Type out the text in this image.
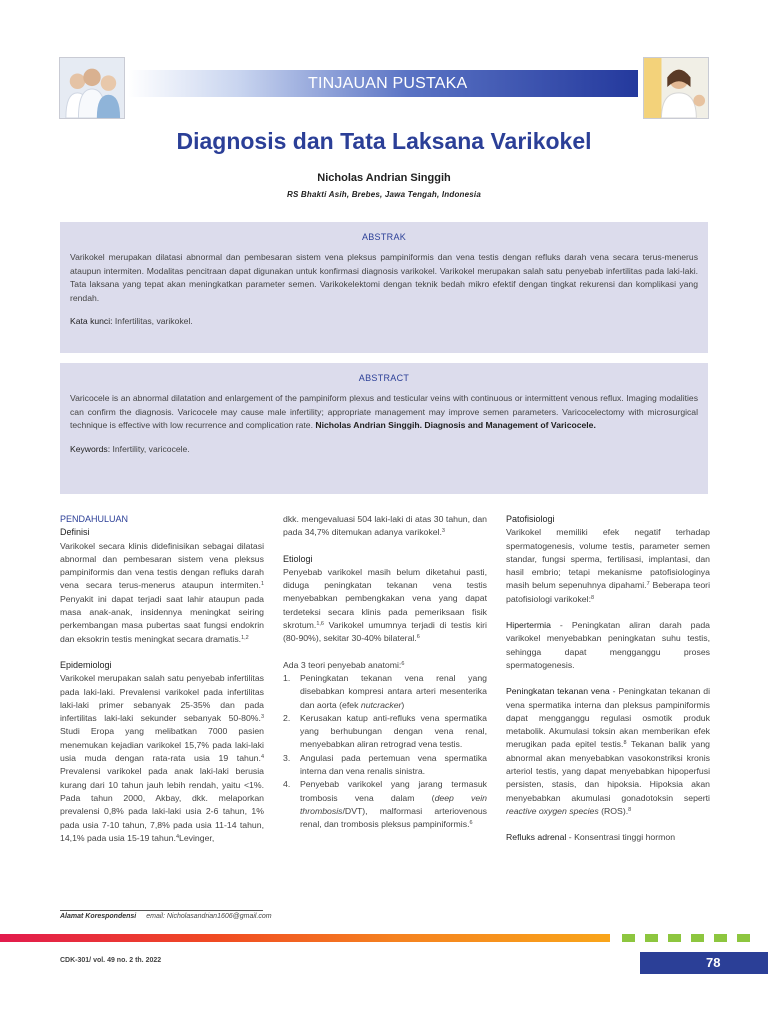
TINJAUAN PUSTAKA
Diagnosis dan Tata Laksana Varikokel
Nicholas Andrian Singgih
RS Bhakti Asih, Brebes, Jawa Tengah, Indonesia
ABSTRAK
Varikokel merupakan dilatasi abnormal dan pembesaran sistem vena pleksus pampiniformis dan vena testis dengan refluks darah vena secara terus-menerus ataupun intermiten. Modalitas pencitraan dapat digunakan untuk konfirmasi diagnosis varikokel. Varikokel merupakan salah satu penyebab infertilitas pada laki-laki. Tata laksana yang tepat akan meningkatkan parameter semen. Varikokelektomi dengan teknik bedah mikro efektif dengan tingkat rekurensi dan komplikasi yang rendah.
Kata kunci: Infertilitas, varikokel.
ABSTRACT
Varicocele is an abnormal dilatation and enlargement of the pampiniform plexus and testicular veins with continuous or intermittent venous reflux. Imaging modalities can confirm the diagnosis. Varicocele may cause male infertility; appropriate management may improve semen parameters. Varicocelectomy with microsurgical technique is effective with low recurrence and complication rate. Nicholas Andrian Singgih. Diagnosis and Management of Varicocele.
Keywords: Infertility, varicocele.
PENDAHULUAN
Definisi
Varikokel secara klinis didefinisikan sebagai dilatasi abnormal dan pembesaran sistem vena pleksus pampiniformis dan vena testis dengan refluks darah vena secara terus-menerus ataupun intermiten.$^1$ Penyakit ini dapat terjadi saat lahir ataupun pada masa anak-anak, insidennya meningkat seiring perkembangan masa pubertas saat fungsi endokrin dan eksokrin testis meningkat secara dramatis.$^{1,2}$
Epidemiologi
Varikokel merupakan salah satu penyebab infertilitas pada laki-laki. Prevalensi varikokel pada infertilitas laki-laki primer sebanyak 25-35% dan pada infertilitas laki-laki sekunder sebanyak 50-80%.$^3$ Studi Eropa yang melibatkan 7000 pasien menemukan kejadian varikokel 15,7% pada laki-laki usia muda dengan rata-rata usia 19 tahun.$^4$ Prevalensi varikokel pada anak laki-laki berusia kurang dari 10 tahun jauh lebih rendah, yaitu <1%. Pada tahun 2000, Akbay, dkk. melaporkan prevalensi 0,8% pada laki-laki usia 2-6 tahun, 1% pada usia 7-10 tahun, 7,8% pada usia 11-14 tahun, 14,1% pada usia 15-19 tahun.$^4$Levinger,
dkk. mengevaluasi 504 laki-laki di atas 30 tahun, dan pada 34,7% ditemukan adanya varikokel.$^3$
Etiologi
Penyebab varikokel masih belum diketahui pasti, diduga peningkatan tekanan vena testis menyebabkan pembengkakan vena yang dapat terdeteksi secara klinis pada pemeriksaan fisik skrotum.$^{1,6}$ Varikokel umumnya terjadi di testis kiri (80-90%), sekitar 30-40% bilateral.$^6$
Ada 3 teori penyebab anatomi:$^6$
1. Peningkatan tekanan vena renal yang disebabkan kompresi antara arteri mesenterika dan aorta (efek nutcracker)
2. Kerusakan katup anti-refluks vena spermatika yang berhubungan dengan vena renal, menyebabkan aliran retrograd vena testis.
3. Angulasi pada pertemuan vena spermatika interna dan vena renalis sinistra.
4. Penyebab varikokel yang jarang termasuk trombosis vena dalam (deep vein thrombosis/DVT), malformasi arteriovenous renal, dan trombosis pleksus pampiniformis.$^6$
Patofisiologi
Varikokel memiliki efek negatif terhadap spermatogenesis, volume testis, parameter semen standar, fungsi sperma, fertilisasi, implantasi, dan hasil embrio; tetapi mekanisme patofisiologinya masih belum sepenuhnya dipahami.$^7$ Beberapa teori patofisiologi varikokel:$^8$
Hipertermia - Peningkatan aliran darah pada varikokel menyebabkan peningkatan suhu testis, sehingga dapat mengganggu proses spermatogenesis.
Peningkatan tekanan vena - Peningkatan tekanan di vena spermatika interna dan pleksus pampiniformis dapat mengganggu regulasi osmotik produk metabolik. Akumulasi toksin akan memberikan efek merugikan pada epitel testis.$^8$ Tekanan balik yang abnormal akan menyebabkan vasokonstriksi kronis arteriol testis, yang dapat menyebabkan hipoperfusi persisten, stasis, dan hipoksia. Hipoksia akan menyebabkan akumulasi gonadotoksin seperti reactive oxygen species (ROS).$^8$
Refluks adrenal - Konsentrasi tinggi hormon
Alamat Korespondensi email: Nicholasandrian1606@gmail.com
CDK-301/ vol. 49 no. 2 th. 2022	78
